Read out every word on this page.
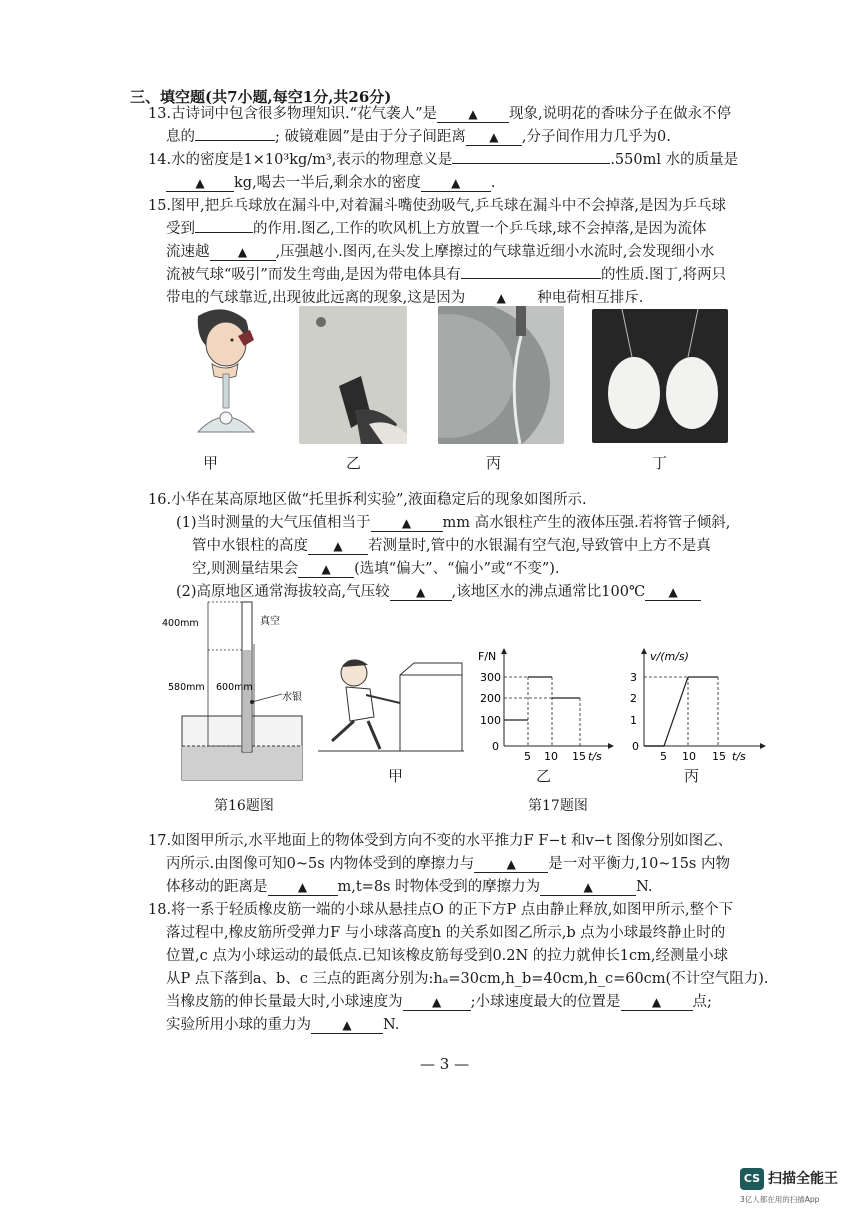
三、填空题(共7小题,每空1分,共26分)
13.古诗词中包含很多物理知识.“花气袭人”是	▲ 现象,说明花的香味分子在做永不停
息的	; 破镜难圆”是由于分子间距离 ▲ ,分子间作用力几乎为0.
14.水的密度是1×10³kg/m³,表示的物理意义是	.550ml 水的质量是
▲ kg,喝去一半后,剩余水的密度	▲ .
15.图甲,把乒乓球放在漏斗中,对着漏斗嘴使劲吸气,乒乓球在漏斗中不会掉落,是因为乒乓球
受到	的作用.图乙,工作的吹风机上方放置一个乒乓球,球不会掉落,是因为流体
流速越 ▲ ,压强越小.图丙,在头发上摩擦过的气球靠近细小水流时,会发现细小水
流被气球“吸引”而发生弯曲,是因为带电体具有	的性质.图丁,将两只
带电的气球靠近,出现彼此远离的现象,这是因为	▲ 种电荷相互排斥.
甲	乙	丙	丁
16.小华在某高原地区做“托里拆利实验”,液面稳定后的现象如图所示.
(1)当时测量的大气压值相当于	▲ mm 高水银柱产生的液体压强.若将管子倾斜,
管中水银柱的高度 ▲ 若测量时,管中的水银漏有空气泡,导致管中上方不是真
空,则测量结果会 ▲ (选填“偏大”、“偏小”或“不变”).
(2)高原地区通常海拔较高,气压较 ▲ ,该地区水的沸点通常比100℃ ▲
400mm	真空
580mm 600mm
水银
第16题图
甲
F/N
300
200
100
0
5 10 15 t/s
乙
v/(m/s)
3
2
1
0
5 10 15 t/s
丙
第17题图
17.如图甲所示,水平地面上的物体受到方向不变的水平推力F F−t 和v−t 图像分别如图乙、
丙所示.由图像可知0~5s 内物体受到的摩擦力与	▲ 是一对平衡力,10~15s 内物
体移动的距离是	▲ m,t=8s 时物体受到的摩擦力为	▲	N.
18.将一系于轻质橡皮筋一端的小球从悬挂点O 的正下方P 点由静止释放,如图甲所示,整个下
落过程中,橡皮筋所受弹力F 与小球落高度h 的关系如图乙所示,b 点为小球最终静止时的
位置,c 点为小球运动的最低点.已知该橡皮筋每受到0.2N 的拉力就伸长1cm,经测量小球
从P 点下落到a、b、c 三点的距离分别为:hₐ=30cm,h_b=40cm,h_c=60cm(不计空气阻力).
当橡皮筋的伸长量最大时,小球速度为 ▲ ;小球速度最大的位置是	▲ 点;
实验所用小球的重力为	▲ N.
— 3 —
CS 扫描全能王
3亿人都在用的扫描App
